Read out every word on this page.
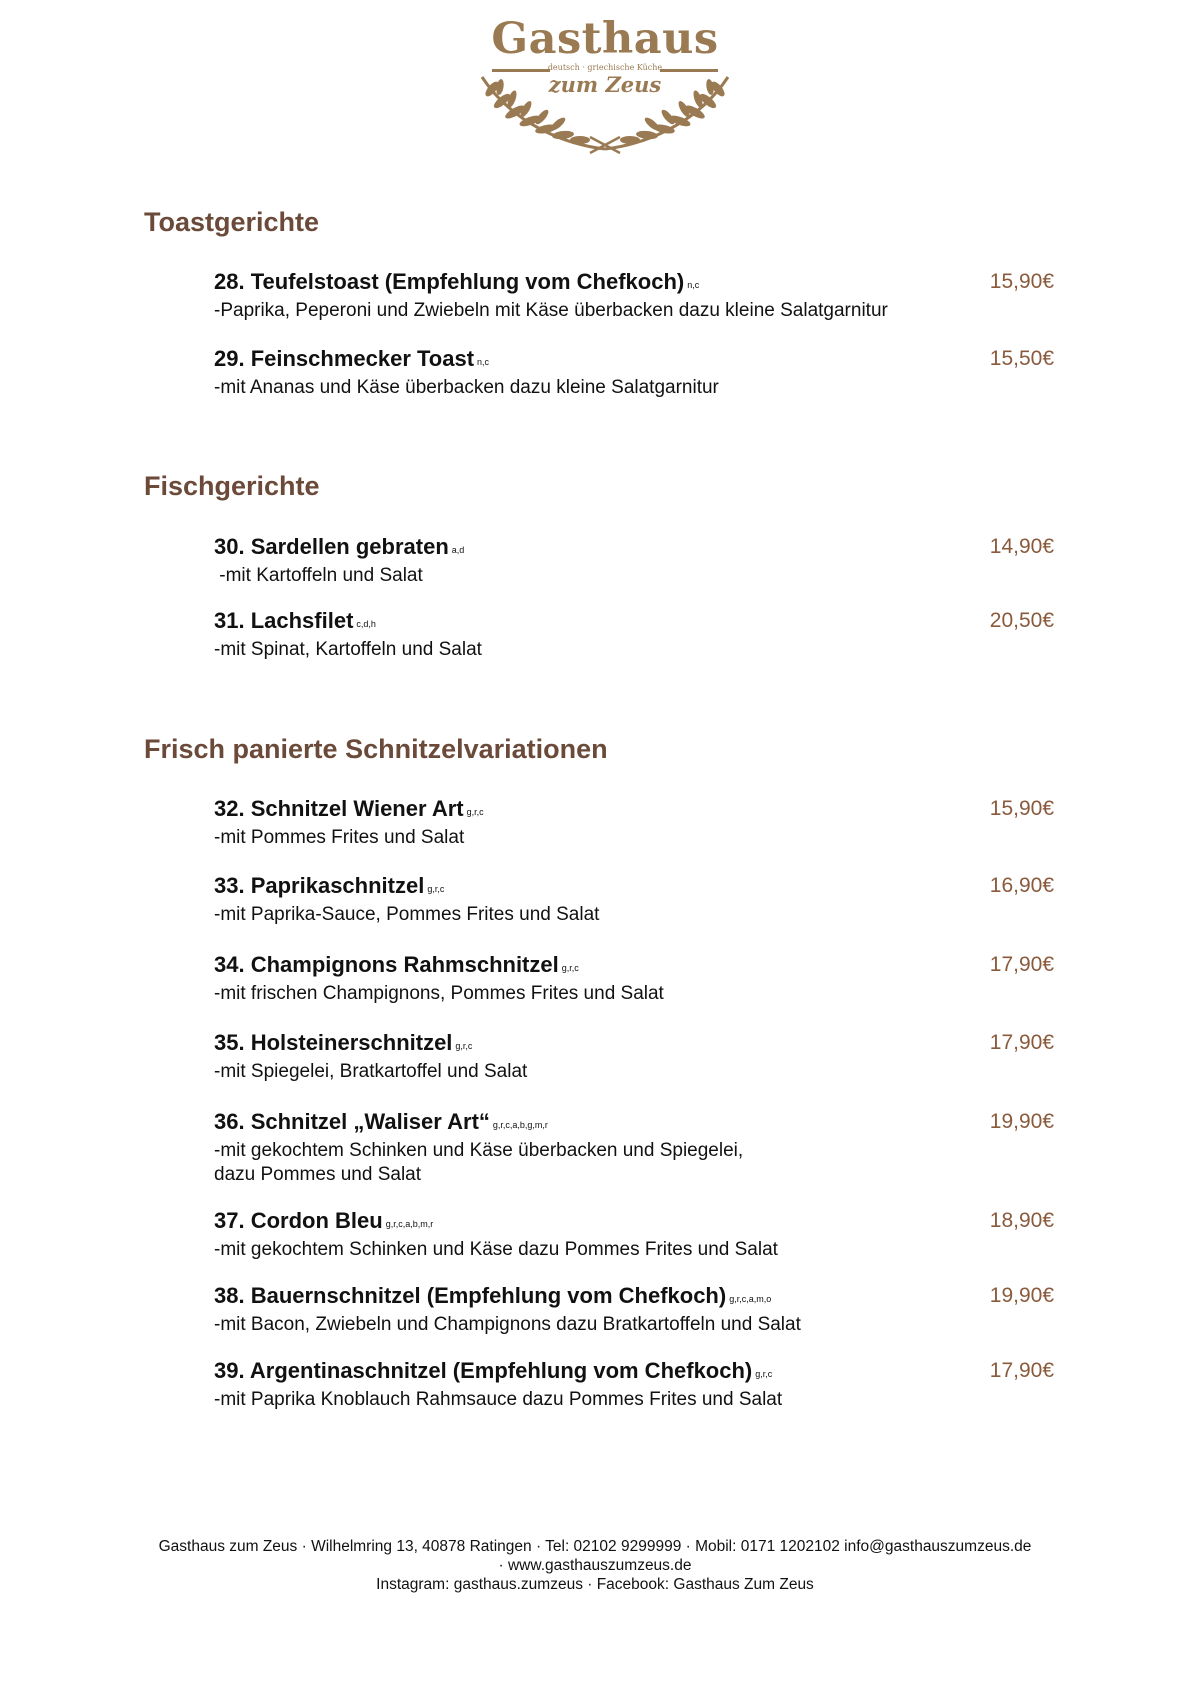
Gasthaus
deutsch · griechische Küche
zum Zeus
Toastgerichte
28. Teufelstoast (Empfehlung vom Chefkoch) $_{n,c}$
-Paprika, Peperoni und Zwiebeln mit Käse überbacken dazu kleine Salatgarnitur
15,90€
29. Feinschmecker Toast $_{n,c}$
-mit Ananas und Käse überbacken dazu kleine Salatgarnitur
15,50€
Fischgerichte
30. Sardellen gebraten $_{a,d}$
-mit Kartoffeln und Salat
14,90€
31. Lachsfilet $_{c,d,h}$
-mit Spinat, Kartoffeln und Salat
20,50€
Frisch panierte Schnitzelvariationen
32. Schnitzel Wiener Art $_{g,r,c}$
-mit Pommes Frites und Salat
15,90€
33. Paprikaschnitzel $_{g,r,c}$
-mit Paprika-Sauce, Pommes Frites und Salat
16,90€
34. Champignons Rahmschnitzel $_{g,r,c}$
-mit frischen Champignons, Pommes Frites und Salat
17,90€
35. Holsteinerschnitzel $_{g,r,c}$
-mit Spiegelei, Bratkartoffel und Salat
17,90€
36. Schnitzel „Waliser Art“ $_{g,r,c,a,b,g,m,r}$
-mit gekochtem Schinken und Käse überbacken und Spiegelei,
dazu Pommes und Salat
19,90€
37. Cordon Bleu $_{g,r,c,a,b,m,r}$
-mit gekochtem Schinken und Käse dazu Pommes Frites und Salat
18,90€
38. Bauernschnitzel (Empfehlung vom Chefkoch) $_{g,r,c,a,m,o}$
-mit Bacon, Zwiebeln und Champignons dazu Bratkartoffeln und Salat
19,90€
39. Argentinaschnitzel (Empfehlung vom Chefkoch) $_{g,r,c}$
-mit Paprika Knoblauch Rahmsauce dazu Pommes Frites und Salat
17,90€
Gasthaus zum Zeus · Wilhelmring 13, 40878 Ratingen · Tel: 02102 9299999 · Mobil: 0171 1202102 info@gasthauszumzeus.de
· www.gasthauszumzeus.de
Instagram: gasthaus.zumzeus · Facebook: Gasthaus Zum Zeus
